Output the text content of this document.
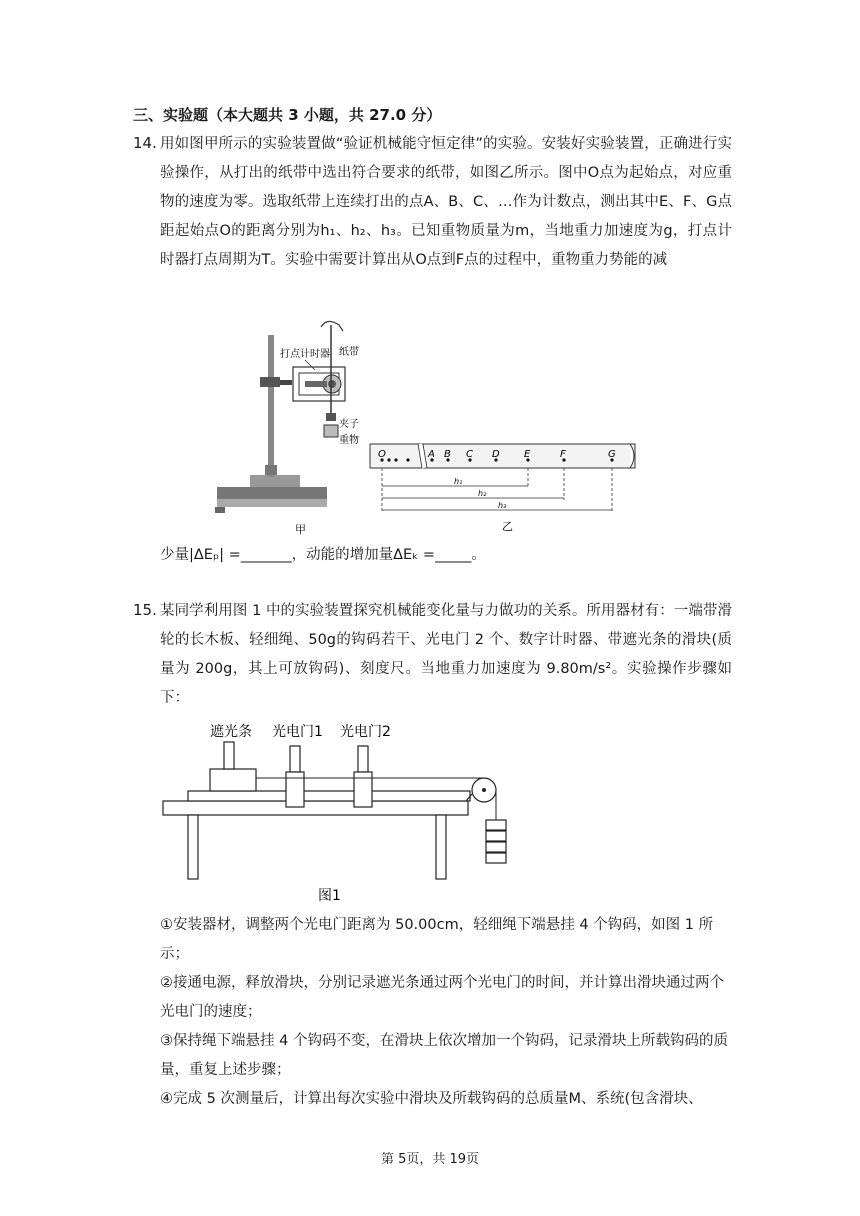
三、实验题（本大题共 3 小题，共 27.0 分）
14. 用如图甲所示的实验装置做“验证机械能守恒定律”的实验。安装好实验装置，正确进行实验操作，从打出的纸带中选出符合要求的纸带，如图乙所示。图中O点为起始点，对应重物的速度为零。选取纸带上连续打出的点A、B、C、…作为计数点，测出其中E、F、G点距起始点O的距离分别为h₁、h₂、h₃。已知重物质量为m，当地重力加速度为g，打点计时器打点周期为T。实验中需要计算出从O点到F点的过程中，重物重力势能的减
打点计时器 纸带
夹子
重物
甲
O	A B C D E	F	G
h₁
h₂
h₃
乙
少量|ΔEₚ| =_______，动能的增加量ΔEₖ =_____。
15. 某同学利用图 1 中的实验装置探究机械能变化量与力做功的关系。所用器材有：一端带滑轮的长木板、轻细绳、50g的钩码若干、光电门 2 个、数字计时器、带遮光条的滑块(质量为 200g，其上可放钩码)、刻度尺。当地重力加速度为 9.80m/s²。实验操作步骤如下：
遮光条 光电门1 光电门2
图1
①安装器材，调整两个光电门距离为 50.00cm，轻细绳下端悬挂 4 个钩码，如图 1 所示；
②接通电源，释放滑块，分别记录遮光条通过两个光电门的时间，并计算出滑块通过两个光电门的速度；
③保持绳下端悬挂 4 个钩码不变，在滑块上依次增加一个钩码，记录滑块上所载钩码的质量，重复上述步骤；
④完成 5 次测量后，计算出每次实验中滑块及所载钩码的总质量M、系统(包含滑块、
第 5页，共 19页
